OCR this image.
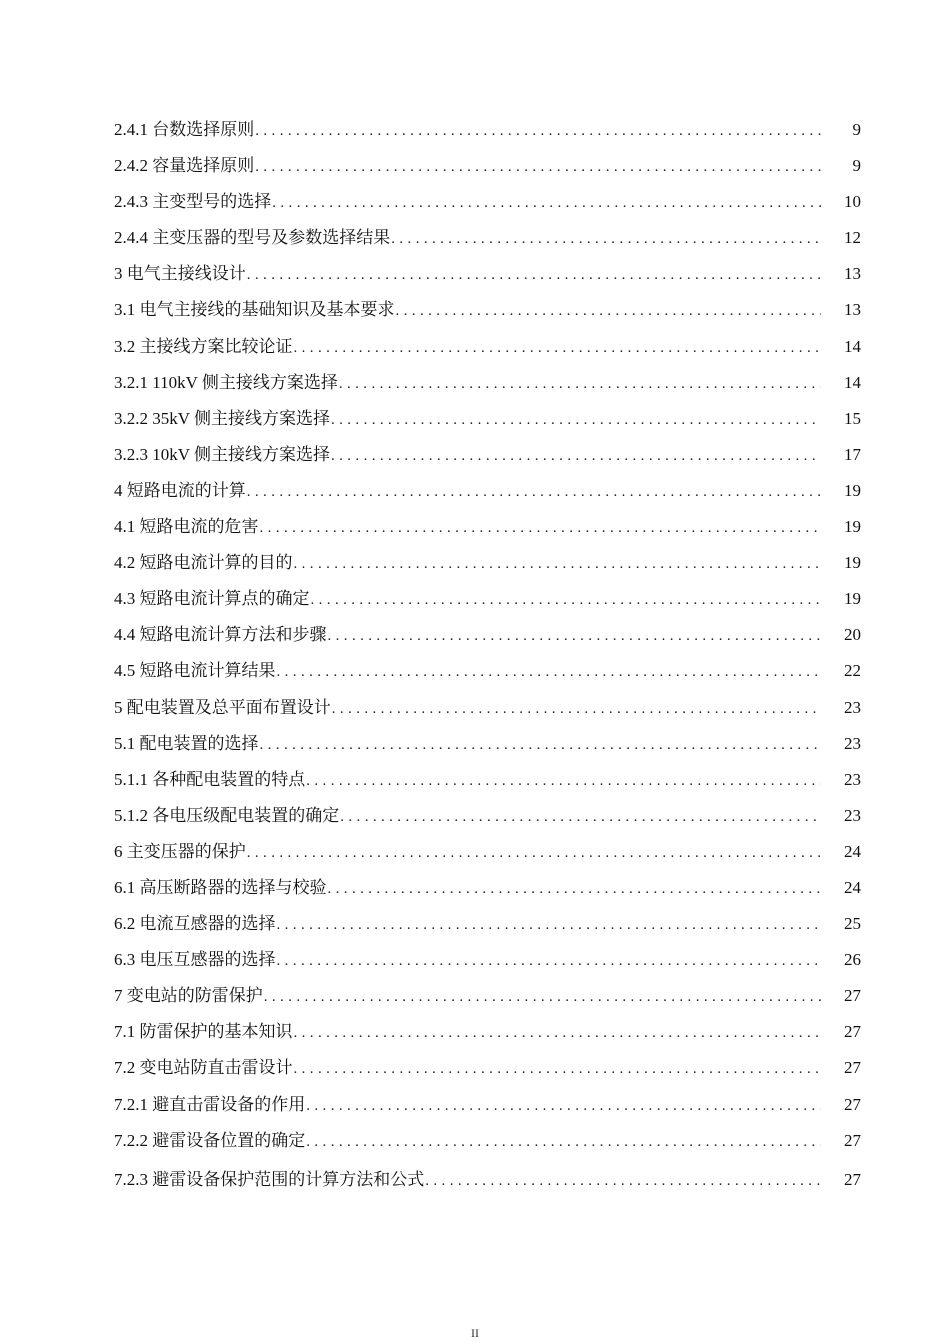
2.4.1 台数选择原则 .....	9
2.4.2 容量选择原则 .....	9
2.4.3 主变型号的选择 .....	10
2.4.4 主变压器的型号及参数选择结果 .....	12
3 电气主接线设计 .....	13
3.1 电气主接线的基础知识及基本要求 .....	13
3.2 主接线方案比较论证 .....	14
3.2.1 110kV 侧主接线方案选择 .....	14
3.2.2 35kV 侧主接线方案选择 .....	15
3.2.3 10kV 侧主接线方案选择 .....	17
4 短路电流的计算 .....	19
4.1 短路电流的危害 .....	19
4.2 短路电流计算的目的 .....	19
4.3 短路电流计算点的确定 .....	19
4.4 短路电流计算方法和步骤 .....	20
4.5 短路电流计算结果 .....	22
5 配电装置及总平面布置设计 .....	23
5.1 配电装置的选择 .....	23
5.1.1 各种配电装置的特点 .....	23
5.1.2 各电压级配电装置的确定 .....	23
6 主变压器的保护 .....	24
6.1 高压断路器的选择与校验 .....	24
6.2 电流互感器的选择 .....	25
6.3 电压互感器的选择 .....	26
7 变电站的防雷保护 .....	27
7.1 防雷保护的基本知识 .....	27
7.2 变电站防直击雷设计 .....	27
7.2.1 避直击雷设备的作用 .....	27
7.2.2 避雷设备位置的确定 .....	27
7.2.3 避雷设备保护范围的计算方法和公式 .....	27
II
